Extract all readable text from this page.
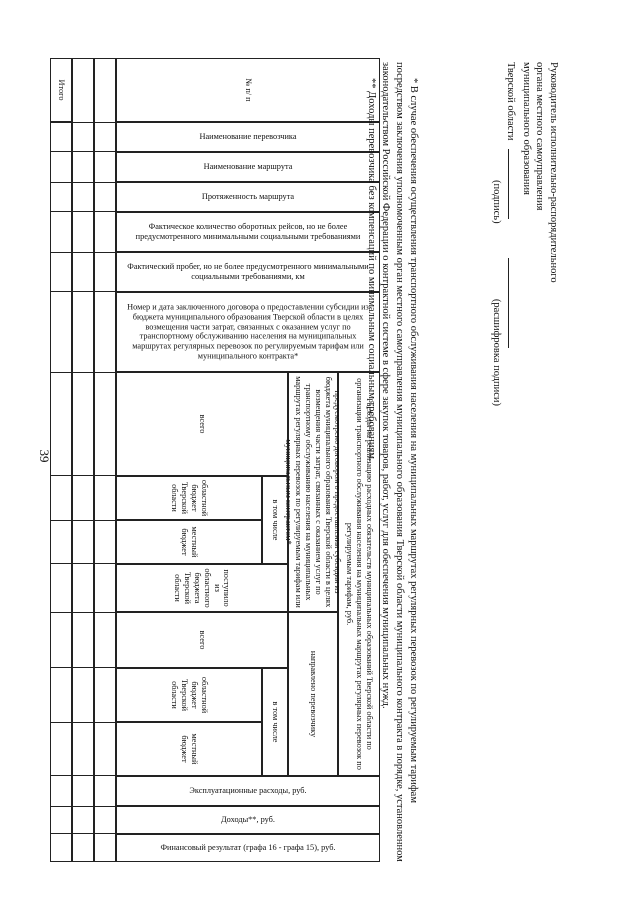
39
№ п/ п
Наименование перевозчика
Наименование маршрута
Протяженность маршрута
Фактическое количество оборотных рейсов, но не более предусмотренного минимальными социальными требованиями
Фактический пробег, но не более предусмотренного минимальными социальными требованиями, км
Номер и дата заключенного договора о предоставлении субсидии из бюджета муниципального образования Тверской области в целях возмещения части затрат, связанных с оказанием услуг по транспортному обслуживанию населения на муниципальных маршрутах регулярных перевозок по регулируемым тарифам или муниципального контракта*
Расходы на реализацию расходных обязательств муниципальных образований Тверской области по организации транспортного обслуживания населения на муниципальных маршрутах регулярных перевозок по регулируемым тарифам, руб.
предусмотрено договором о предоставлении субсидии из бюджета муниципального образования Тверской области в целях возмещения части затрат, связанных с оказанием услуг по транспортному обслуживанию населения на муниципальных маршрутах регулярных перевозок по регулируемым тарифам или муниципальным контрактом*
направлено перевозчику
всего
в том числе
областной бюджет Тверской области
местный бюджет
поступило из областного бюджета Тверской области
всего
в том числе
областной бюджет Тверской области
местный бюджет
Эксплуатационные расходы, руб.
Доходы**, руб.
Финансовый результат (графа 16 - графа 15), руб.
Итого	* В случае обеспечения осуществления транспортного обслуживания населения на муниципальных маршрутах регулярных перевозок по регулируемым тарифам посредством заключения уполномоченным орган местного самоуправления муниципального образования Тверской области муниципального контракта в порядке, установленном законодательством Российской Федерации о контрактной системе в сфере закупок товаров, работ, услуг для обеспечения муниципальных нужд.

** Доходы перевозчика без компенсаций по минимальным социальным требованиям.	Руководитель исполнительно-распорядительного
органа местного самоуправления
муниципального образования
Тверской области
(подпись)  (расшифровка подписи)
